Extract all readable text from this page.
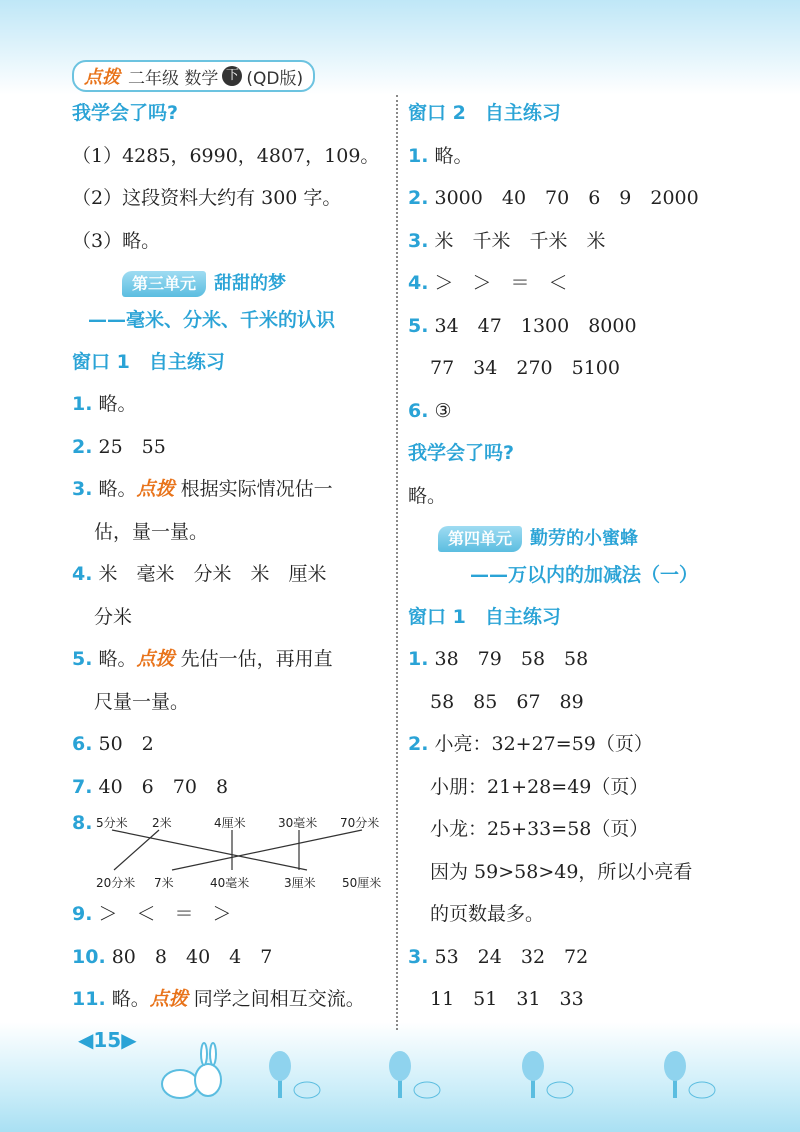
点拨 二年级 数学 下 (QD版)
我学会了吗?
（1）4285，6990，4807，109。
（2）这段资料大约有 300 字。
（3）略。
第三单元 甜甜的梦
——毫米、分米、千米的认识
窗口 1　自主练习
1. 略。
2. 25　55
3. 略。点拨 根据实际情况估一
估，量一量。
4. 米　毫米　分米　米　厘米
分米
5. 略。点拨 先估一估，再用直
尺量一量。
6. 50　2
7. 40　6　70　8
8. 5分米 2米	4厘米	30毫米 70分米
20分米 7米	40毫米	3厘米 50厘米
9. ＞　＜　＝　＞
10. 80　8　40　4　7
11. 略。点拨 同学之间相互交流。
窗口 2　自主练习
1. 略。
2. 3000　40　70　6　9　2000
3. 米　千米　千米　米
4. ＞　＞　＝　＜
5. 34　47　1300　8000
77　34　270　5100
6. ③
我学会了吗?
略。
第四单元 勤劳的小蜜蜂
——万以内的加减法（一）
窗口 1　自主练习
1. 38　79　58　58
58　85　67　89
2. 小亮：32+27=59（页）
小朋：21+28=49（页）
小龙：25+33=58（页）
因为 59>58>49，所以小亮看
的页数最多。
3. 53　24　32　72
11　51　31　33
◀15▶
